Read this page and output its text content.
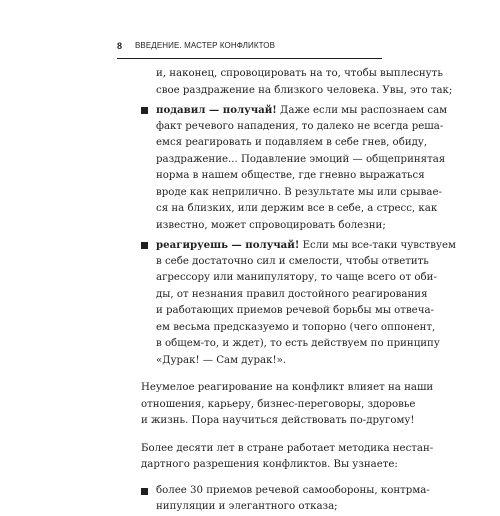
8 ВВЕДЕНИЕ. МАСТЕР КОНФЛИКТОВ
и, наконец, спровоцировать на то, чтобы выплеснуть
свое раздражение на близкого человека. Увы, это так;
подавил — получай! Даже если мы распознаем сам
факт речевого нападения, то далеко не всегда реша-
емся реагировать и подавляем в себе гнев, обиду,
раздражение... Подавление эмоций — общепринятая
норма в нашем обществе, где гневно выражаться
вроде как неприлично. В результате мы или срывае-
ся на близких, или держим все в себе, а стресс, как
известно, может спровоцировать болезни;
реагируешь — получай! Если мы все-таки чувствуем
в себе достаточно сил и смелости, чтобы ответить
агрессору или манипулятору, то чаще всего от оби-
ды, от незнания правил достойного реагирования
и работающих приемов речевой борьбы мы отвеча-
ем весьма предсказуемо и топорно (чего оппонент,
в общем-то, и ждет), то есть действуем по принципу
«Дурак! — Сам дурак!».
Неумелое реагирование на конфликт влияет на наши
отношения, карьеру, бизнес-переговоры, здоровье
и жизнь. Пора научиться действовать по-другому!
Более десяти лет в стране работает методика нестан-
дартного разрешения конфликтов. Вы узнаете:
более 30 приемов речевой самообороны, контрма-
нипуляции и элегантного отказа;
